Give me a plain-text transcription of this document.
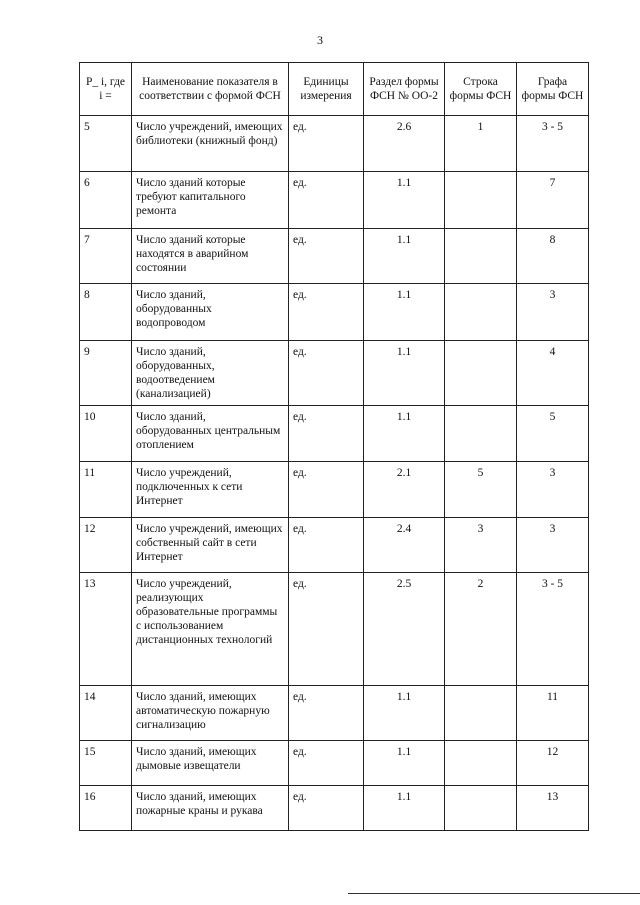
3
P_ i, где i =	Наименование показателя в соответствии с формой ФСН	Единицы измерения	Раздел формы ФСН № ОО-2	Строка формы ФСН	Графа формы ФСН
5	Число учреждений, имеющих библиотеки (книжный фонд)	ед.	2.6	1	3 - 5
6	Число зданий которые требуют капитального ремонта	ед.	1.1		7
7	Число зданий которые находятся в аварийном состоянии	ед.	1.1		8
8	Число зданий, оборудованных водопроводом	ед.	1.1		3
9	Число зданий, оборудованных, водоотведением (канализацией)	ед.	1.1		4
10	Число зданий, оборудованных центральным отоплением	ед.	1.1		5
11	Число учреждений, подключенных к сети Интернет	ед.	2.1	5	3
12	Число учреждений, имеющих собственный сайт в сети Интернет	ед.	2.4	3	3
13	Число учреждений, реализующих образовательные программы с использованием дистанционных технологий	ед.	2.5	2	3 - 5
14	Число зданий, имеющих автоматическую пожарную сигнализацию	ед.	1.1		11
15	Число зданий, имеющих дымовые извещатели	ед.	1.1		12
16	Число зданий, имеющих пожарные краны и рукава	ед.	1.1		13
